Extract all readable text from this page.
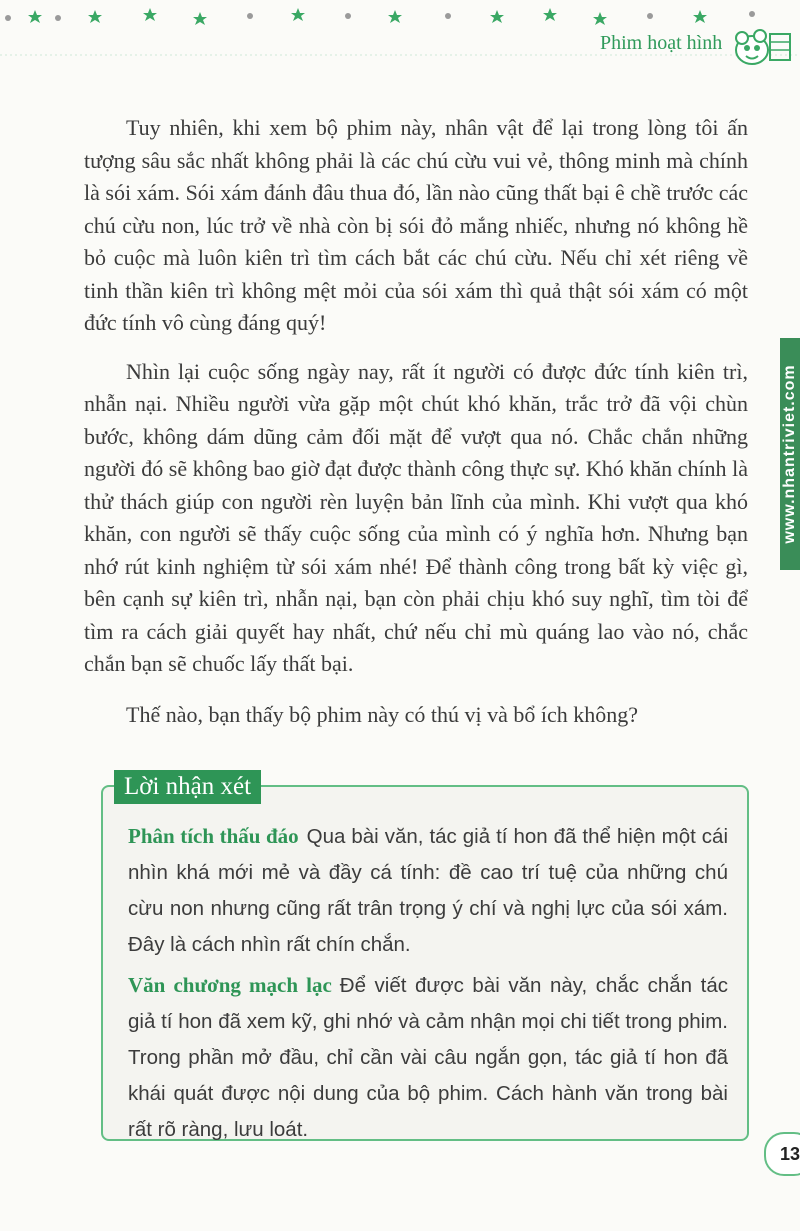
Phim hoạt hình
www.nhantriviet.com

Tuy nhiên, khi xem bộ phim này, nhân vật để lại trong lòng tôi ấn tượng sâu sắc nhất không phải là các chú cừu vui vẻ, thông minh mà chính là sói xám. Sói xám đánh đâu thua đó, lần nào cũng thất bại ê chề trước các chú cừu non, lúc trở về nhà còn bị sói đỏ mắng nhiếc, nhưng nó không hề bỏ cuộc mà luôn kiên trì tìm cách bắt các chú cừu. Nếu chỉ xét riêng về tinh thần kiên trì không mệt mỏi của sói xám thì quả thật sói xám có một đức tính vô cùng đáng quý!

Nhìn lại cuộc sống ngày nay, rất ít người có được đức tính kiên trì, nhẫn nại. Nhiều người vừa gặp một chút khó khăn, trắc trở đã vội chùn bước, không dám dũng cảm đối mặt để vượt qua nó. Chắc chắn những người đó sẽ không bao giờ đạt được thành công thực sự. Khó khăn chính là thử thách giúp con người rèn luyện bản lĩnh của mình. Khi vượt qua khó khăn, con người sẽ thấy cuộc sống của mình có ý nghĩa hơn. Nhưng bạn nhớ rút kinh nghiệm từ sói xám nhé! Để thành công trong bất kỳ việc gì, bên cạnh sự kiên trì, nhẫn nại, bạn còn phải chịu khó suy nghĩ, tìm tòi để tìm ra cách giải quyết hay nhất, chứ nếu chỉ mù quáng lao vào nó, chắc chắn bạn sẽ chuốc lấy thất bại.

Thế nào, bạn thấy bộ phim này có thú vị và bổ ích không?

Lời nhận xét

Phân tích thấu đáo Qua bài văn, tác giả tí hon đã thể hiện một cái nhìn khá mới mẻ và đầy cá tính: đề cao trí tuệ của những chú cừu non nhưng cũng rất trân trọng ý chí và nghị lực của sói xám. Đây là cách nhìn rất chín chắn.

Văn chương mạch lạc Để viết được bài văn này, chắc chắn tác giả tí hon đã xem kỹ, ghi nhớ và cảm nhận mọi chi tiết trong phim. Trong phần mở đầu, chỉ cần vài câu ngắn gọn, tác giả tí hon đã khái quát được nội dung của bộ phim. Cách hành văn trong bài rất rõ ràng, lưu loát.

13
